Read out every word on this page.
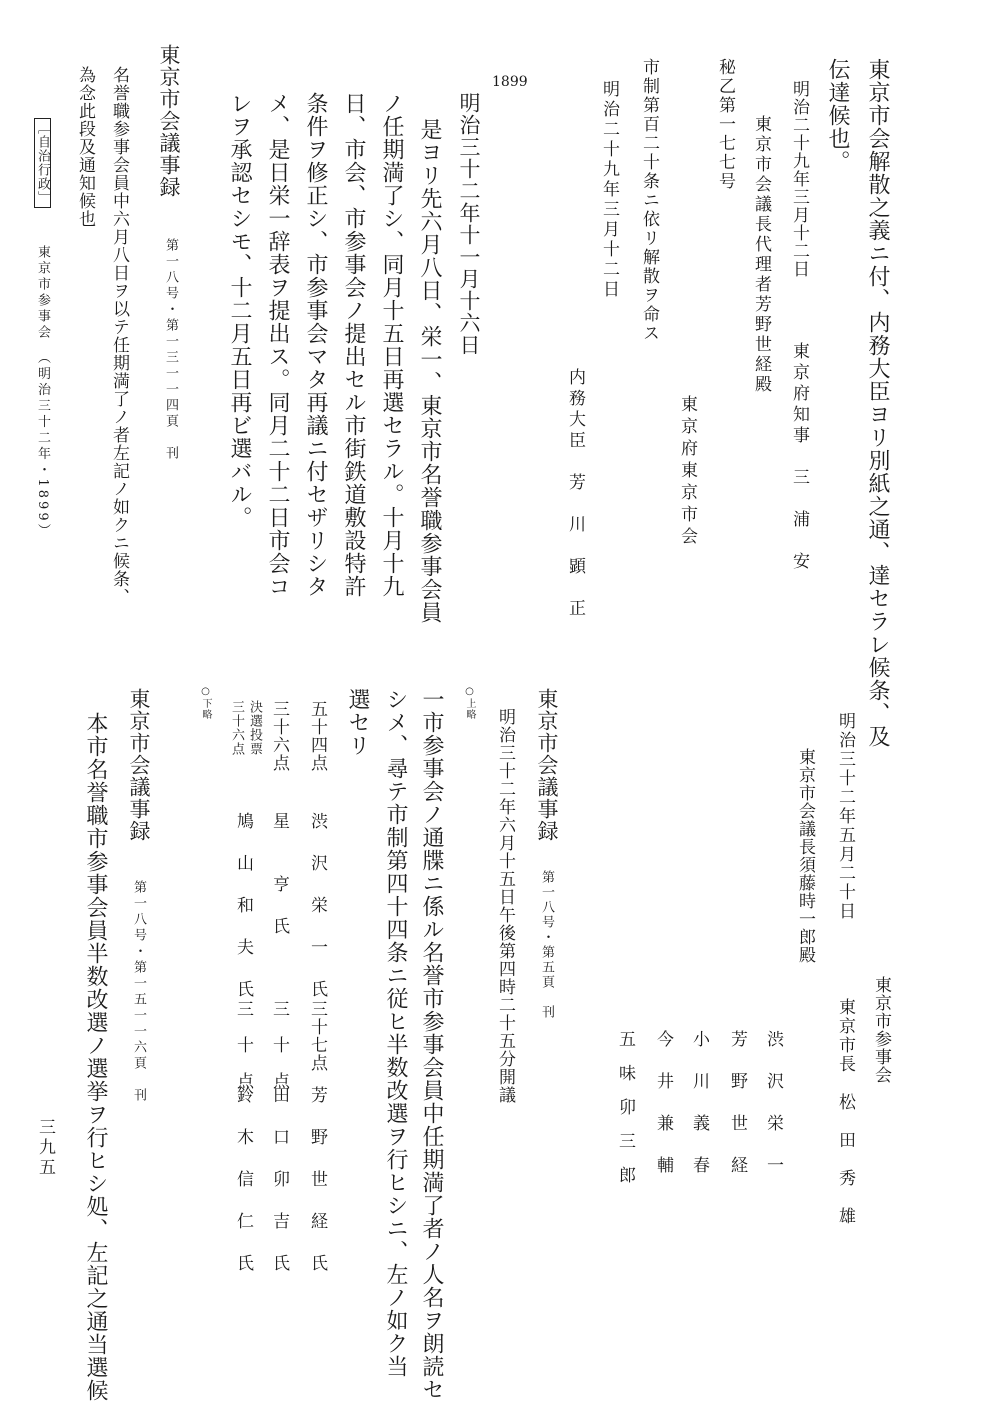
東京市会解散之義ニ付、内務大臣ヨリ別紙之通、達セラレ候条、及
伝達候也。
明治二十九年三月十二日
東京府知事　三　浦　安
東京市会議長代理者芳野世経殿
秘乙第一七七号
東京府東京市会
市制第百二十条ニ依リ解散ヲ命ス
明治二十九年三月十二日
内務大臣　芳　川　顕　正
1899
明治三十二年十一月十六日
是ヨリ先六月八日、栄一、東京市名誉職参事会員
ノ任期満了シ、同月十五日再選セラル。十月十九
日、市会、市参事会ノ提出セル市街鉄道敷設特許
条件ヲ修正シ、市参事会マタ再議ニ付セザリシタ
メ、是日栄一辞表ヲ提出ス。同月二十二日市会コ
レヲ承認セシモ、十二月五日再ビ選バル。
東京市会議事録
第一八号・第一三一一四頁　刊
名誉職参事会員中六月八日ヲ以テ任期満了ノ者左記ノ如クニ候条、
為念此段及通知候也
［自治行政］
東京市参事会　（明治三十二年・1899）
明治三十二年五月二十日
東京市会議長須藤時一郎殿
東京市参事会
東京市長　松　田　秀　雄
渋　沢　栄　一
芳　野　世　経
小　川　義　春
今　井　兼　輔
五　味　卯　三　郎
東京市会議事録
第一八号・第五頁　刊
明治三十二年六月十五日午後第四時二十五分開議
○上略
一市参事会ノ通牒ニ係ル名誉市参事会員中任期満了者ノ人名ヲ朗読セ
シメ、尋テ市制第四十四条ニ従ヒ半数改選ヲ行ヒシニ、左ノ如ク当
選セリ
五十四点
渋　沢　栄　一　氏
三十七点
芳　野　世　経　氏
三十六点
星　　亨　氏
三　十　点
田　口　卯　吉　氏
決選投票
三十六点
鳩　山　和　夫　氏
三　十　点
鈴　木　信　仁　氏
○下略
東京市会議事録
第一八号・第一五一一六頁　刊
本市名誉職市参事会員半数改選ノ選挙ヲ行ヒシ処、左記之通当選候
三九五
